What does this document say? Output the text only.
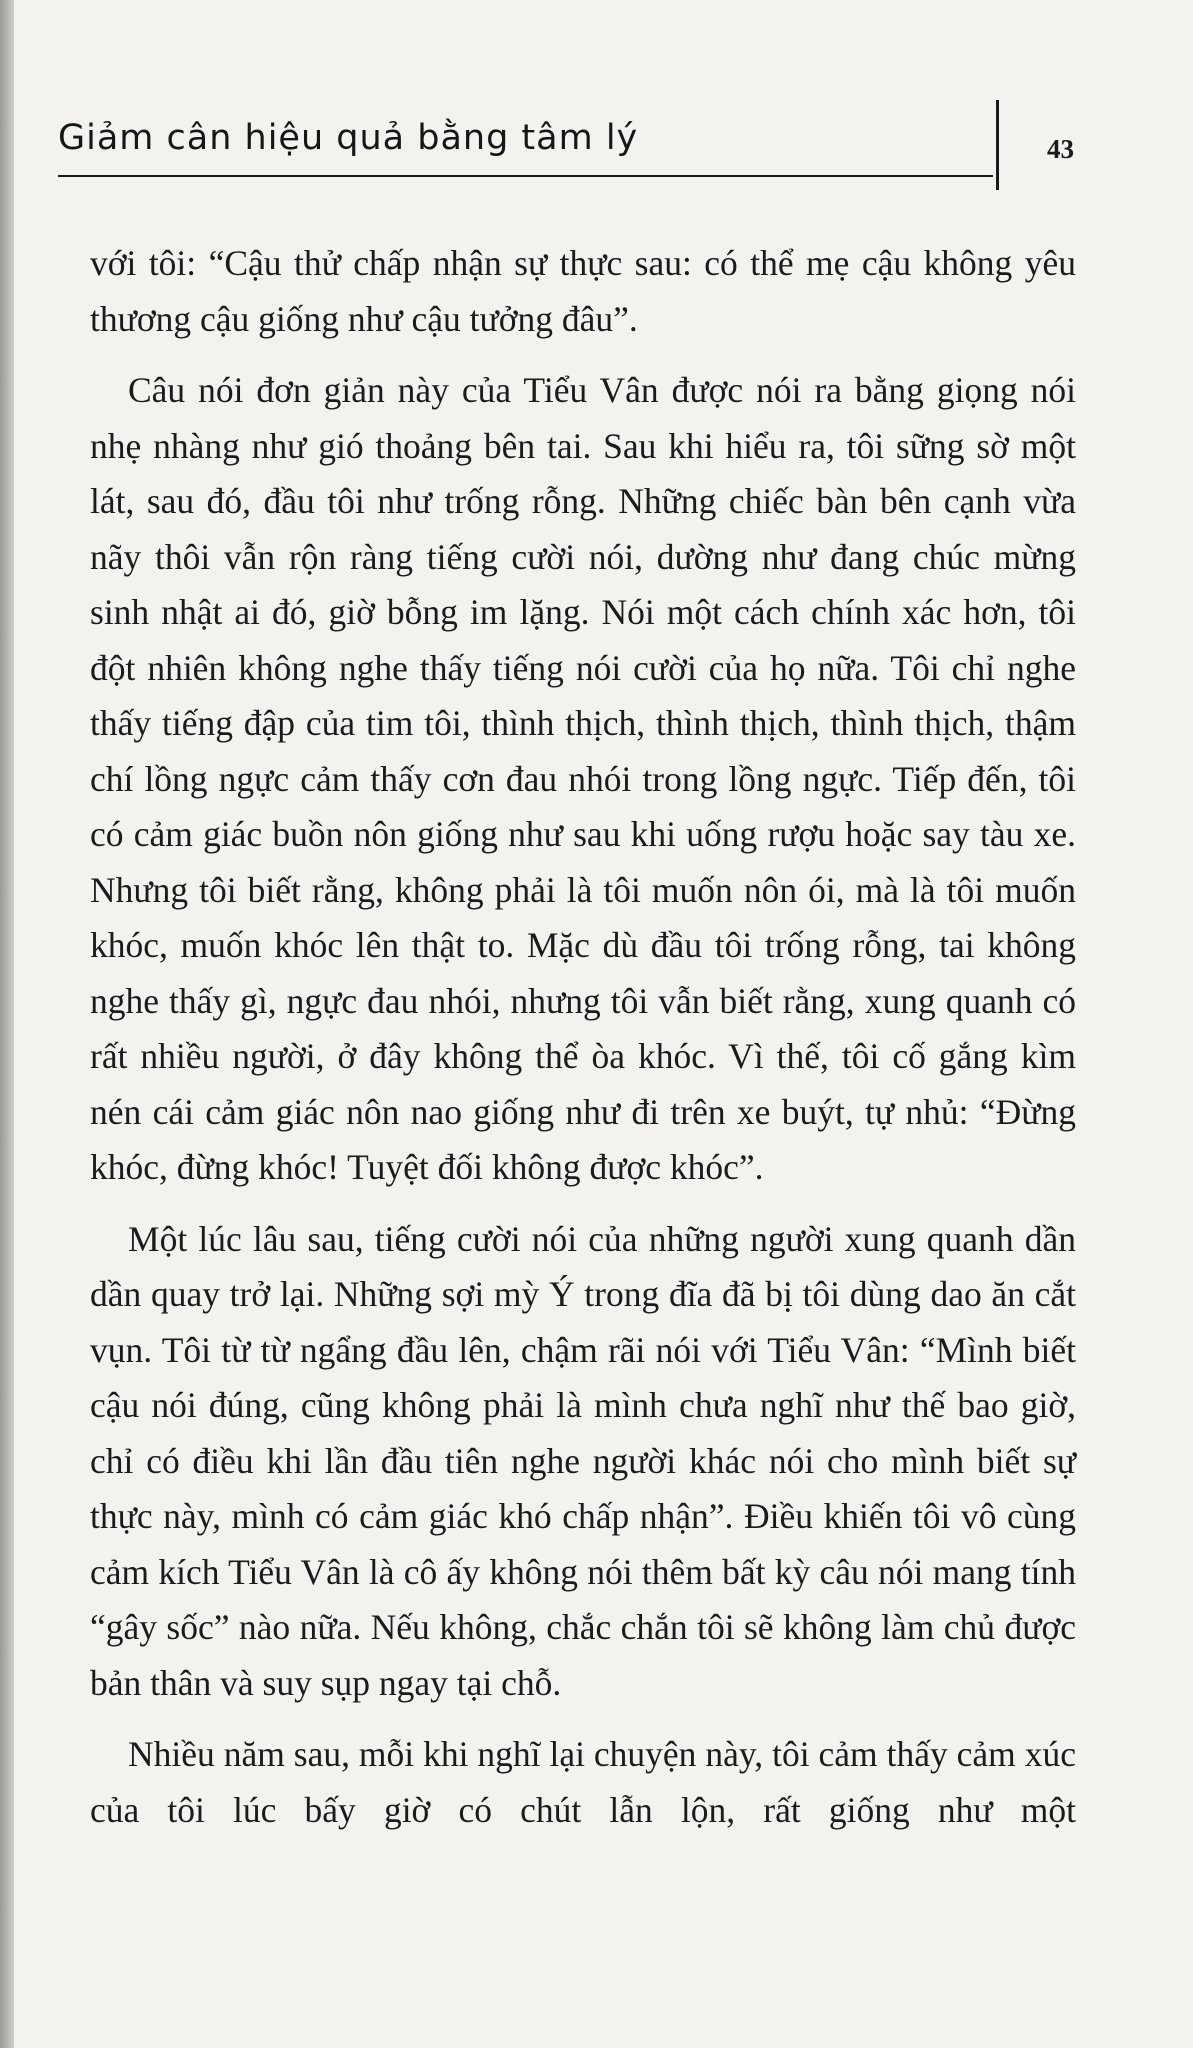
Giảm cân hiệu quả bằng tâm lý	43

với tôi: “Cậu thử chấp nhận sự thực sau: có thể mẹ cậu không yêu thương cậu giống như cậu tưởng đâu”.

Câu nói đơn giản này của Tiểu Vân được nói ra bằng giọng nói nhẹ nhàng như gió thoảng bên tai. Sau khi hiểu ra, tôi sững sờ một lát, sau đó, đầu tôi như trống rỗng. Những chiếc bàn bên cạnh vừa nãy thôi vẫn rộn ràng tiếng cười nói, dường như đang chúc mừng sinh nhật ai đó, giờ bỗng im lặng. Nói một cách chính xác hơn, tôi đột nhiên không nghe thấy tiếng nói cười của họ nữa. Tôi chỉ nghe thấy tiếng đập của tim tôi, thình thịch, thình thịch, thình thịch, thậm chí lồng ngực cảm thấy cơn đau nhói trong lồng ngực. Tiếp đến, tôi có cảm giác buồn nôn giống như sau khi uống rượu hoặc say tàu xe. Nhưng tôi biết rằng, không phải là tôi muốn nôn ói, mà là tôi muốn khóc, muốn khóc lên thật to. Mặc dù đầu tôi trống rỗng, tai không nghe thấy gì, ngực đau nhói, nhưng tôi vẫn biết rằng, xung quanh có rất nhiều người, ở đây không thể òa khóc. Vì thế, tôi cố gắng kìm nén cái cảm giác nôn nao giống như đi trên xe buýt, tự nhủ: “Đừng khóc, đừng khóc! Tuyệt đối không được khóc”.

Một lúc lâu sau, tiếng cười nói của những người xung quanh dần dần quay trở lại. Những sợi mỳ Ý trong đĩa đã bị tôi dùng dao ăn cắt vụn. Tôi từ từ ngẩng đầu lên, chậm rãi nói với Tiểu Vân: “Mình biết cậu nói đúng, cũng không phải là mình chưa nghĩ như thế bao giờ, chỉ có điều khi lần đầu tiên nghe người khác nói cho mình biết sự thực này, mình có cảm giác khó chấp nhận”. Điều khiến tôi vô cùng cảm kích Tiểu Vân là cô ấy không nói thêm bất kỳ câu nói mang tính “gây sốc” nào nữa. Nếu không, chắc chắn tôi sẽ không làm chủ được bản thân và suy sụp ngay tại chỗ.

Nhiều năm sau, mỗi khi nghĩ lại chuyện này, tôi cảm thấy cảm xúc của tôi lúc bấy giờ có chút lẫn lộn, rất giống như một
